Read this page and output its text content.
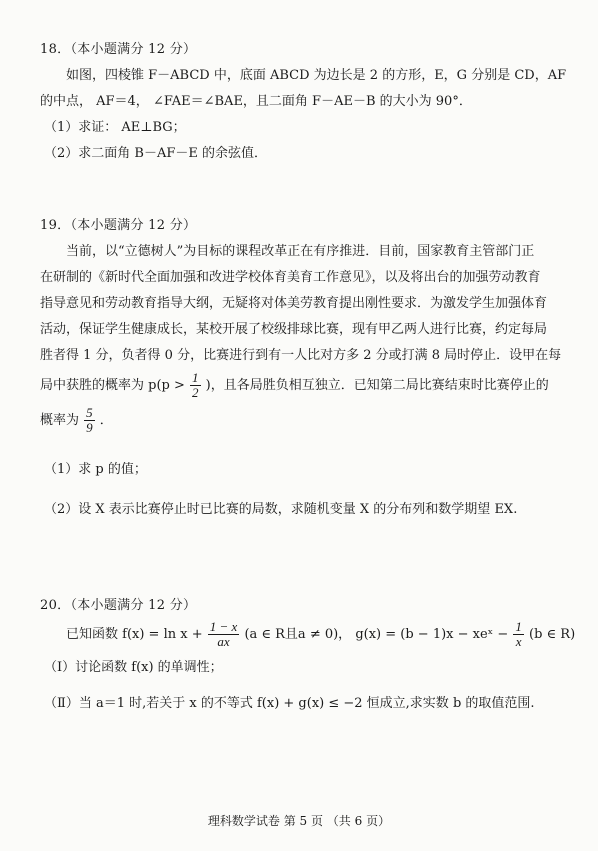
18．（本小题满分 12 分）
如图，四棱锥 F－ABCD 中，底面 ABCD 为边长是 2 的方形，E，G 分别是 CD，AF
的中点， AF＝4， ∠FAE＝∠BAE，且二面角 F－AE－B 的大小为 90°．
（1）求证： AE⊥BG；
（2）求二面角 B－AF－E 的余弦值．
19．（本小题满分 12 分）
当前，以“立德树人”为目标的课程改革正在有序推进．目前，国家教育主管部门正
在研制的《新时代全面加强和改进学校体育美育工作意见》，以及将出台的加强劳动教育
指导意见和劳动教育指导大纲，无疑将对体美劳教育提出刚性要求．为激发学生加强体育
活动，保证学生健康成长，某校开展了校级排球比赛，现有甲乙两人进行比赛，约定每局
胜者得 1 分，负者得 0 分，比赛进行到有一人比对方多 2 分或打满 8 局时停止．设甲在每
局中获胜的概率为 $p(p > \frac{1}{2}$ )，且各局胜负相互独立．已知第二局比赛结束时比赛停止的
概率为 $\frac{5}{9}$ ．
（1）求 p 的值；
（2）设 X 表示比赛停止时已比赛的局数，求随机变量 X 的分布列和数学期望 EX.
20．（本小题满分 12 分）
已知函数 $f(x) = \ln x + \frac{1 - x}{ax} (a$ ∈ R且a ≠ 0)， g(x) = (b − 1)x − xeˣ − $\frac{1}{x} (b$ ∈ R)
（Ⅰ）讨论函数 f(x) 的单调性；
（Ⅱ）当 a＝1 时,若关于 x 的不等式 f(x) + g(x) ≤ −2 恒成立,求实数 b 的取值范围.
理科数学试卷 第 5 页 （共 6 页）
